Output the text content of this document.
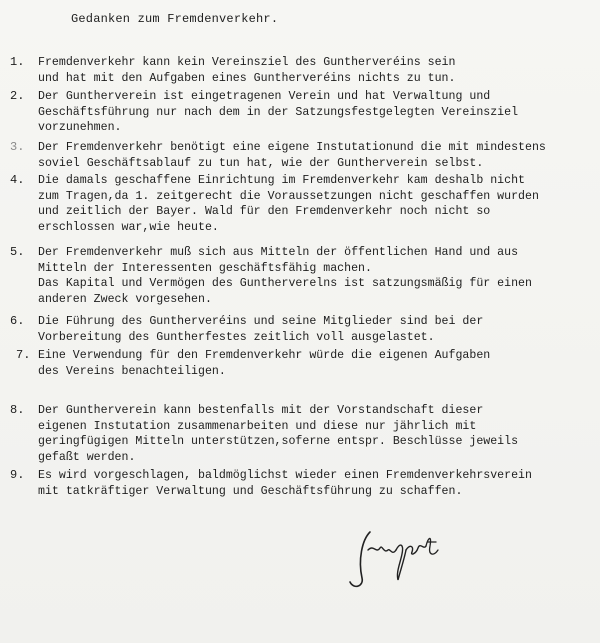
Gedanken zum Fremdenverkehr.
1. Fremdenverkehr kann kein Vereinsziel des Guntherveréins sein
und hat mit den Aufgaben eines Guntherveréins nichts zu tun.
2. Der Guntherverein ist eingetragenen Verein und hat Verwaltung und
Geschäftsführung nur nach dem in der Satzungsfestgelegten Vereinsziel
vorzunehmen.
3. Der Fremdenverkehr benötigt eine eigene Instutationund die mit mindestens
soviel Geschäftsablauf zu tun hat, wie der Guntherverein selbst.
4. Die damals geschaffene Einrichtung im Fremdenverkehr kam deshalb nicht
zum Tragen,da 1. zeitgerecht die Voraussetzungen nicht geschaffen wurden
und zeitlich der Bayer. Wald für den Fremdenverkehr noch nicht so
erschlossen war,wie heute.
5. Der Fremdenverkehr muß sich aus Mitteln der öffentlichen Hand und aus
Mitteln der Interessenten geschäftsfähig machen.
Das Kapital und Vermögen des Guntherverelns ist satzungsmäßig für einen
anderen Zweck vorgesehen.
6. Die Führung des Guntherveréins und seine Mitglieder sind bei der
Vorbereitung des Guntherfestes zeitlich voll ausgelastet.
7. Eine Verwendung für den Fremdenverkehr würde die eigenen Aufgaben
des Vereins benachteiligen.
8. Der Guntherverein kann bestenfalls mit der Vorstandschaft dieser
eigenen Instutation zusammenarbeiten und diese nur jährlich mit
geringfügigen Mitteln unterstützen,soferne entspr. Beschlüsse jeweils
gefaßt werden.
9. Es wird vorgeschlagen, baldmöglichst wieder einen Fremdenverkehrsverein
mit tatkräftiger Verwaltung und Geschäftsführung zu schaffen.
